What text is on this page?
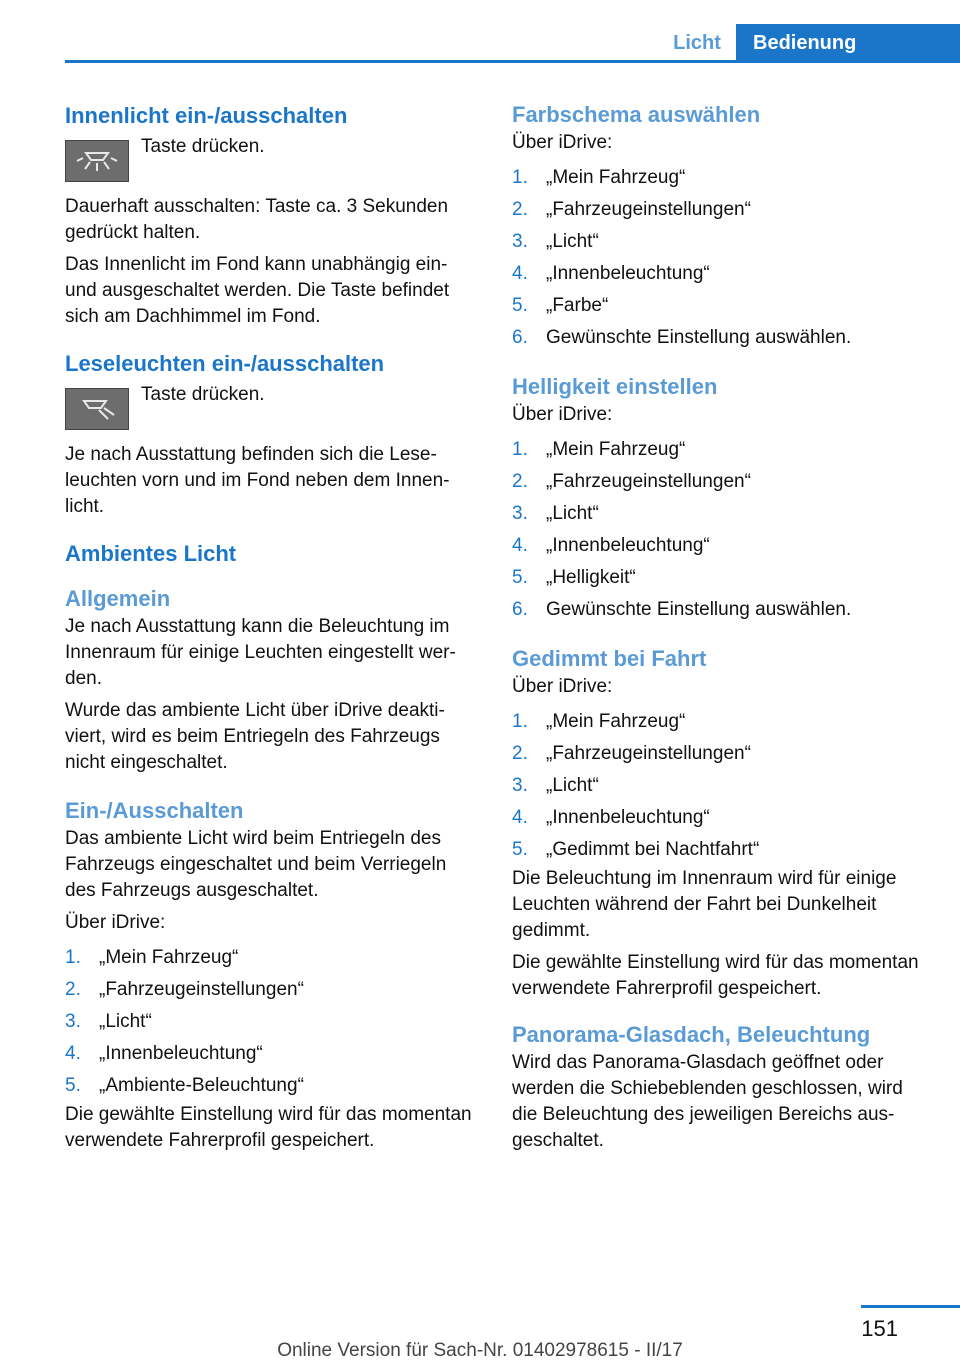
Licht	Bedienung
Innenlicht ein-/ausschalten

Taste drücken.

Dauerhaft ausschalten: Taste ca. 3 Sekunden gedrückt halten.

Das Innenlicht im Fond kann unabhängig ein- und ausgeschaltet werden. Die Taste befindet sich am Dachhimmel im Fond.

Leseleuchten ein-/ausschalten

Taste drücken.

Je nach Ausstattung befinden sich die Leseleuchten vorn und im Fond neben dem Innenlicht.

Ambientes Licht
Allgemein

Je nach Ausstattung kann die Beleuchtung im Innenraum für einige Leuchten eingestellt werden.

Wurde das ambiente Licht über iDrive deaktiviert, wird es beim Entriegeln des Fahrzeugs nicht eingeschaltet.

Ein-/Ausschalten

Das ambiente Licht wird beim Entriegeln des Fahrzeugs eingeschaltet und beim Verriegeln des Fahrzeugs ausgeschaltet.

Über iDrive:

1. „Mein Fahrzeug“
2. „Fahrzeugeinstellungen“
3. „Licht“
4. „Innenbeleuchtung“
5. „Ambiente-Beleuchtung“

Die gewählte Einstellung wird für das momentan verwendete Fahrerprofil gespeichert.

Farbschema auswählen

Über iDrive:

1. „Mein Fahrzeug“
2. „Fahrzeugeinstellungen“
3. „Licht“
4. „Innenbeleuchtung“
5. „Farbe“
6. Gewünschte Einstellung auswählen.
Helligkeit einstellen

Über iDrive:

1. „Mein Fahrzeug“
2. „Fahrzeugeinstellungen“
3. „Licht“
4. „Innenbeleuchtung“
5. „Helligkeit“
6. Gewünschte Einstellung auswählen.
Gedimmt bei Fahrt

Über iDrive:

1. „Mein Fahrzeug“
2. „Fahrzeugeinstellungen“
3. „Licht“
4. „Innenbeleuchtung“
5. „Gedimmt bei Nachtfahrt“

Die Beleuchtung im Innenraum wird für einige Leuchten während der Fahrt bei Dunkelheit gedimmt.

Die gewählte Einstellung wird für das momentan verwendete Fahrerprofil gespeichert.

Panorama-Glasdach, Beleuchtung

Wird das Panorama-Glasdach geöffnet oder werden die Schiebeblenden geschlossen, wird die Beleuchtung des jeweiligen Bereichs ausgeschaltet.

151
Online Version für Sach-Nr. 01402978615 - II/17
